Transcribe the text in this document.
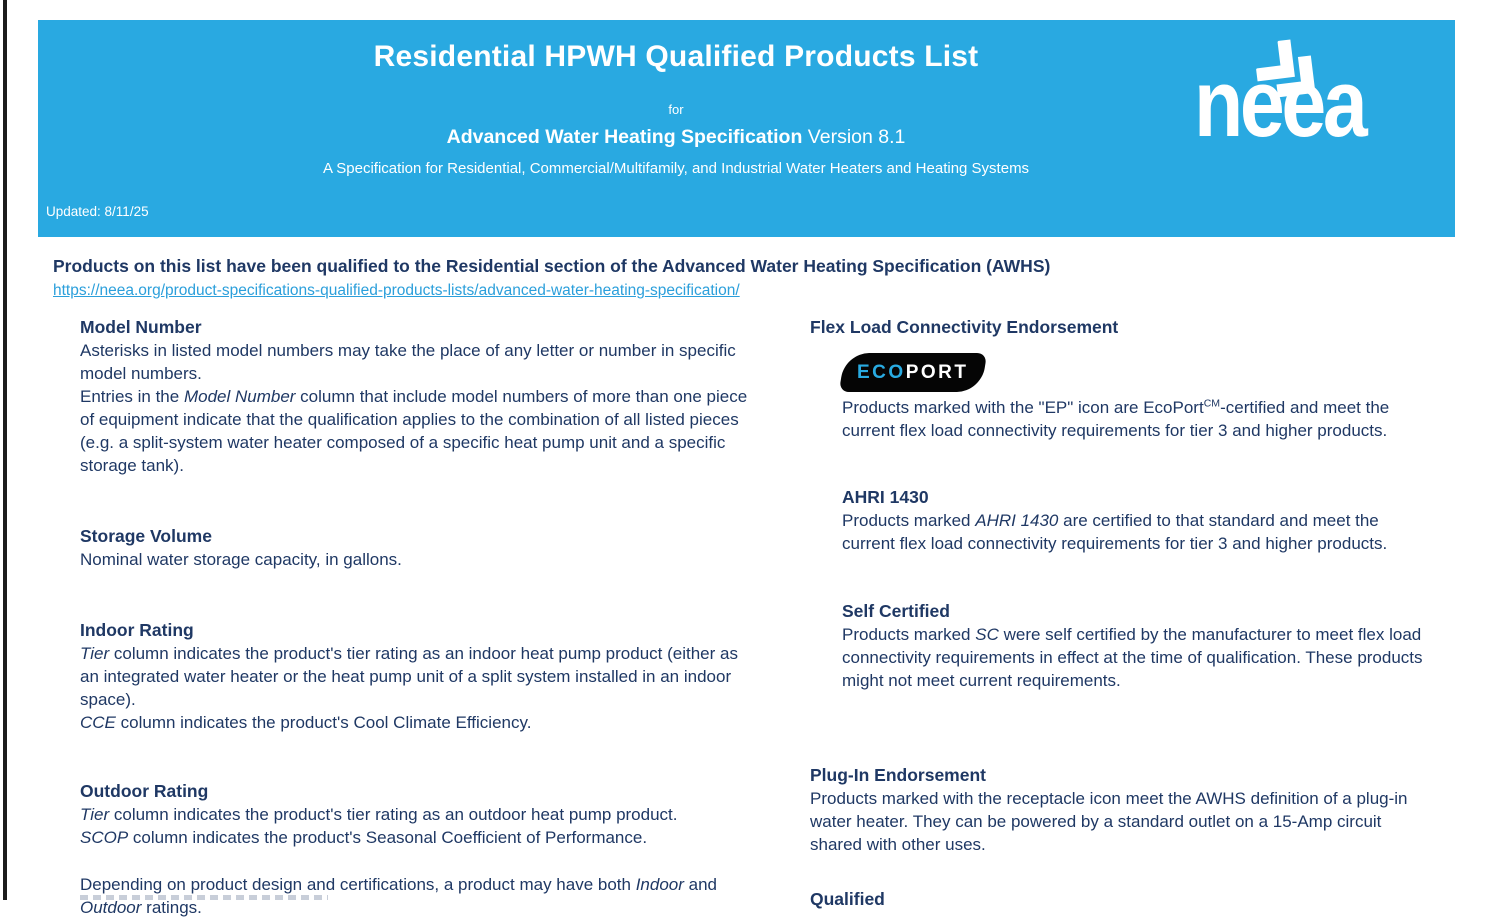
Residential HPWH Qualified Products List
for
Advanced Water Heating Specification Version 8.1
A Specification for Residential, Commercial/Multifamily, and Industrial Water Heaters and Heating Systems
Updated: 8/11/25
neea

Products on this list have been qualified to the Residential section of the Advanced Water Heating Specification (AWHS)

https://neea.org/product-specifications-qualified-products-lists/advanced-water-heating-specification/
Model Number

Asterisks in listed model numbers may take the place of any letter or number in specific model numbers.

Entries in the Model Number column that include model numbers of more than one piece of equipment indicate that the qualification applies to the combination of all listed pieces (e.g. a split-system water heater composed of a specific heat pump unit and a specific storage tank).

Storage Volume

Nominal water storage capacity, in gallons.

Indoor Rating

Tier column indicates the product's tier rating as an indoor heat pump product (either as an integrated water heater or the heat pump unit of a split system installed in an indoor space).

CCE column indicates the product's Cool Climate Efficiency.

Outdoor Rating

Tier column indicates the product's tier rating as an outdoor heat pump product.

SCOP column indicates the product's Seasonal Coefficient of Performance.

Depending on product design and certifications, a product may have both Indoor and Outdoor ratings.

Flex Load Connectivity Endorsement
ECOPORT

Products marked with the "EP" icon are EcoPort$^{CM}$-certified and meet the current flex load connectivity requirements for tier 3 and higher products.

AHRI 1430

Products marked AHRI 1430 are certified to that standard and meet the current flex load connectivity requirements for tier 3 and higher products.

Self Certified

Products marked SC were self certified by the manufacturer to meet flex load connectivity requirements in effect at the time of qualification. These products might not meet current requirements.

Plug-In Endorsement

Products marked with the receptacle icon meet the AWHS definition of a plug-in water heater. They can be powered by a standard outlet on a 15-Amp circuit shared with other uses.

Qualified
